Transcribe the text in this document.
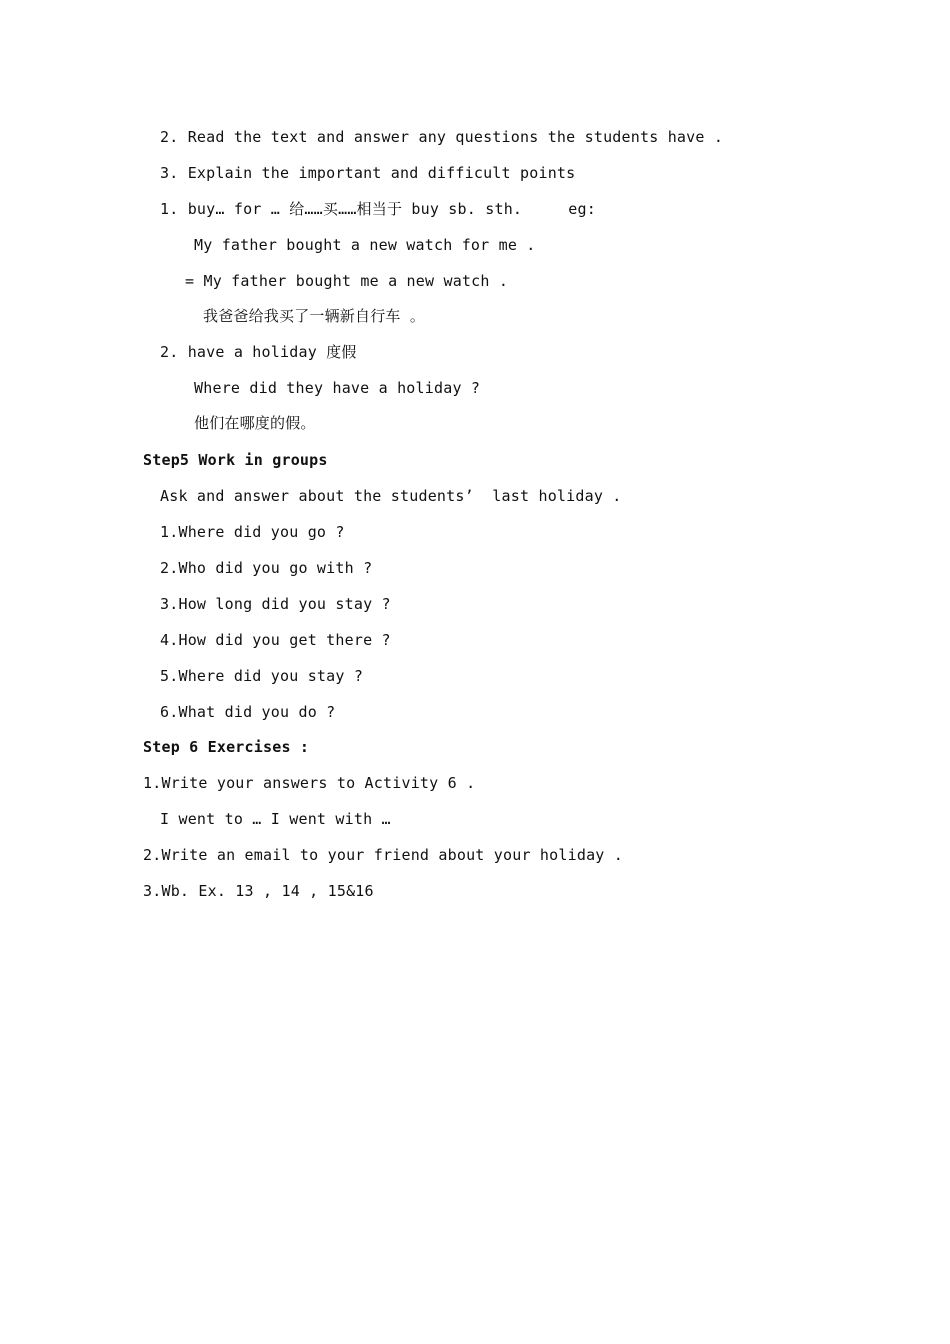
2. Read the text and answer any questions the students have .
3. Explain the important and difficult points
1. buy… for … 给……买……相当于 buy sb. sth.     eg:
My father bought a new watch for me .
= My father bought me a new watch .
我爸爸给我买了一辆新自行车 。
2. have a holiday 度假
Where did they have a holiday ?
他们在哪度的假。
Step5 Work in groups
Ask and answer about the students’  last holiday .
1.Where did you go ?
2.Who did you go with ?
3.How long did you stay ?
4.How did you get there ?
5.Where did you stay ?
6.What did you do ?
Step 6 Exercises :
1.Write your answers to Activity 6 .
I went to … I went with …
2.Write an email to your friend about your holiday .
3.Wb. Ex. 13 , 14 , 15&16
